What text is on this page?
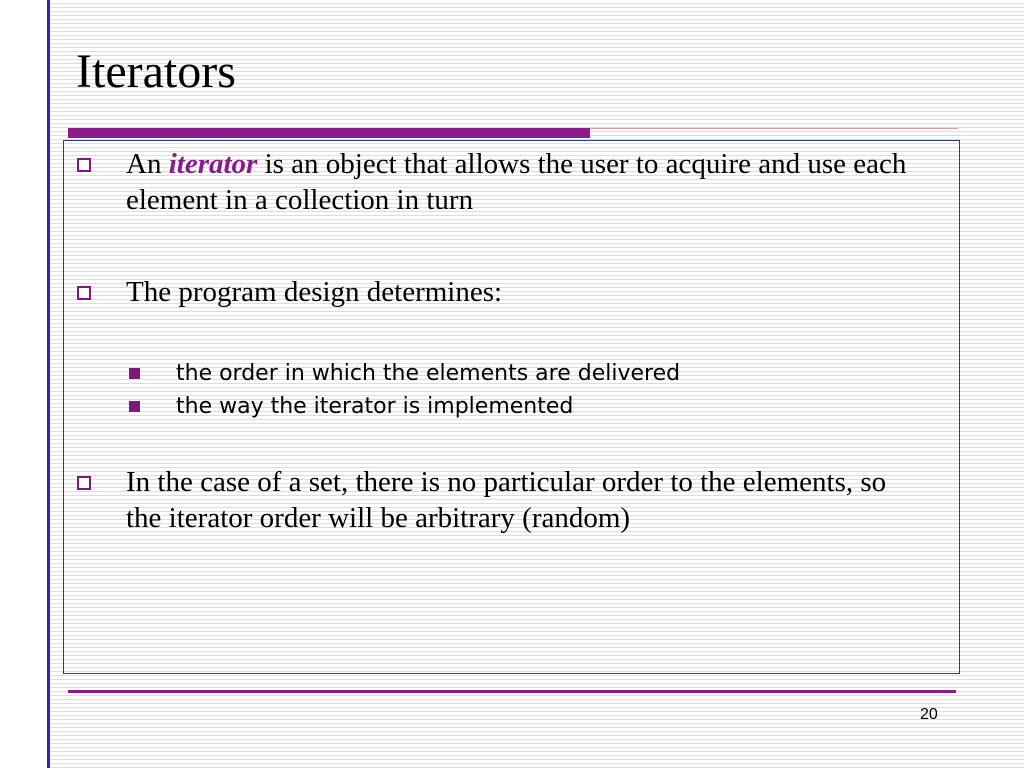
Iterators
An iterator is an object that allows the user to acquire and use each element in a collection in turn
The program design determines:
the order in which the elements are delivered
the way the iterator is implemented
In the case of a set, there is no particular order to the elements, so the iterator order will be arbitrary (random)
20
